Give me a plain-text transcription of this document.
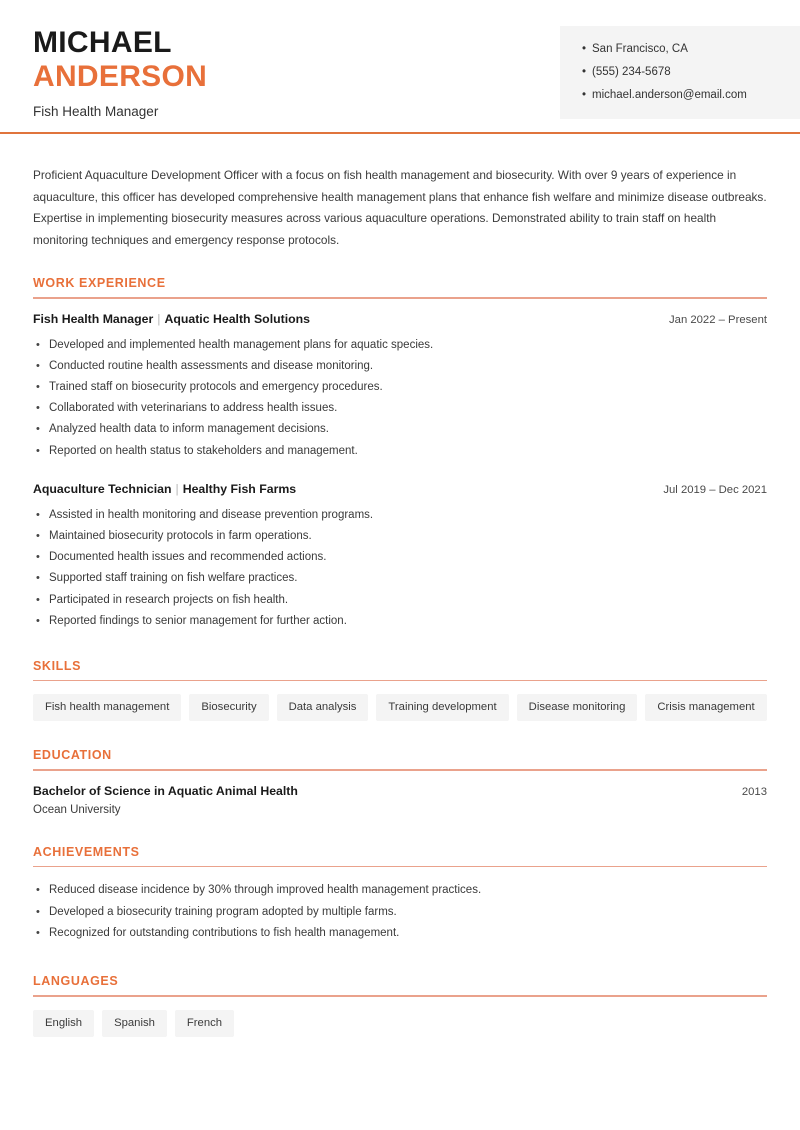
MICHAEL
ANDERSON
Fish Health Manager
• San Francisco, CA
• (555) 234-5678
• michael.anderson@email.com

Proficient Aquaculture Development Officer with a focus on fish health management and biosecurity. With over 9 years of experience in aquaculture, this officer has developed comprehensive health management plans that enhance fish welfare and minimize disease outbreaks. Expertise in implementing biosecurity measures across various aquaculture operations. Demonstrated ability to train staff on health monitoring techniques and emergency response protocols.

WORK EXPERIENCE
Fish Health Manager | Aquatic Health Solutions	Jan 2022 – Present
• Developed and implemented health management plans for aquatic species.
• Conducted routine health assessments and disease monitoring.
• Trained staff on biosecurity protocols and emergency procedures.
• Collaborated with veterinarians to address health issues.
• Analyzed health data to inform management decisions.
• Reported on health status to stakeholders and management.
Aquaculture Technician | Healthy Fish Farms	Jul 2019 – Dec 2021
• Assisted in health monitoring and disease prevention programs.
• Maintained biosecurity protocols in farm operations.
• Documented health issues and recommended actions.
• Supported staff training on fish welfare practices.
• Participated in research projects on fish health.
• Reported findings to senior management for further action.
SKILLS
Fish health management	Biosecurity	Data analysis	Training development	Disease monitoring	Crisis management
EDUCATION
Bachelor of Science in Aquatic Animal Health	2013
Ocean University
ACHIEVEMENTS
• Reduced disease incidence by 30% through improved health management practices.
• Developed a biosecurity training program adopted by multiple farms.
• Recognized for outstanding contributions to fish health management.
LANGUAGES
English	Spanish	French
